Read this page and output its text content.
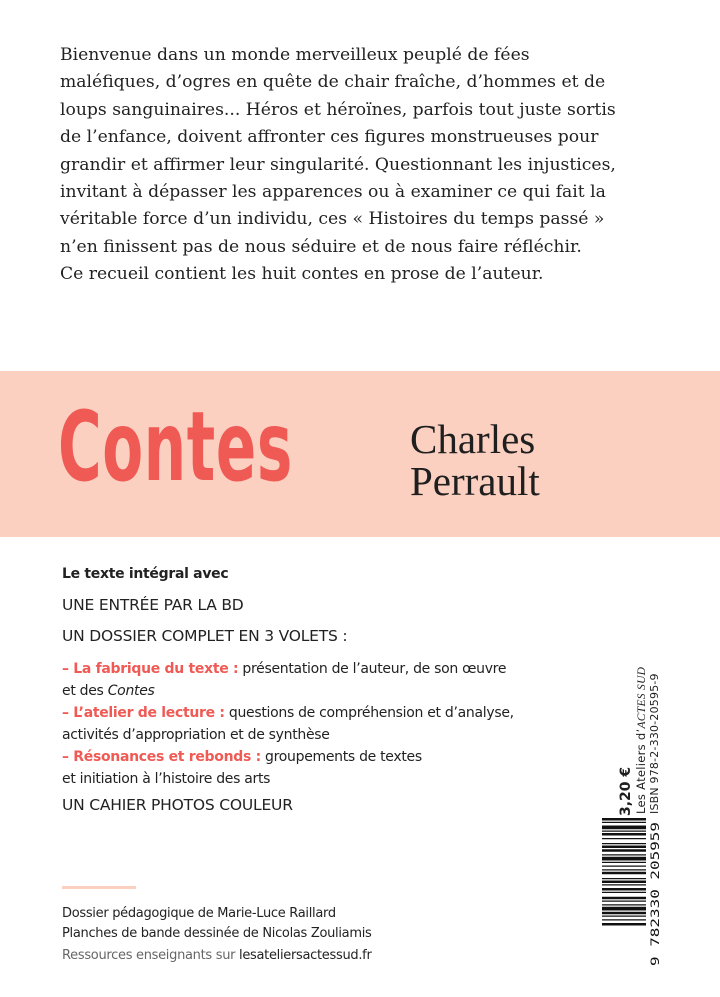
Bienvenue dans un monde merveilleux peuplé de fées
maléfiques, d’ogres en quête de chair fraîche, d’hommes et de
loups sanguinaires... Héros et héroïnes, parfois tout juste sortis
de l’enfance, doivent affronter ces figures monstrueuses pour
grandir et affirmer leur singularité. Questionnant les injustices,
invitant à dépasser les apparences ou à examiner ce qui fait la
véritable force d’un individu, ces « Histoires du temps passé »
n’en finissent pas de nous séduire et de nous faire réfléchir.
Ce recueil contient les huit contes en prose de l’auteur.
Contes	Charles
Perrault
Le texte intégral avec
UNE ENTRÉE PAR LA BD
UN DOSSIER COMPLET EN 3 VOLETS :
– La fabrique du texte : présentation de l’auteur, de son œuvre
et des Contes
– L’atelier de lecture : questions de compréhension et d’analyse,
activités d’appropriation et de synthèse
– Résonances et rebonds : groupements de textes
et initiation à l’histoire des arts
UN CAHIER PHOTOS COULEUR
Dossier pédagogique de Marie-Luce Raillard
Planches de bande dessinée de Nicolas Zouliamis
Ressources enseignants sur lesateliersactessud.fr
3,20 € Les Ateliers d’ACTES SUD ISBN 978-2-330-20595-9
9 782330 205959
